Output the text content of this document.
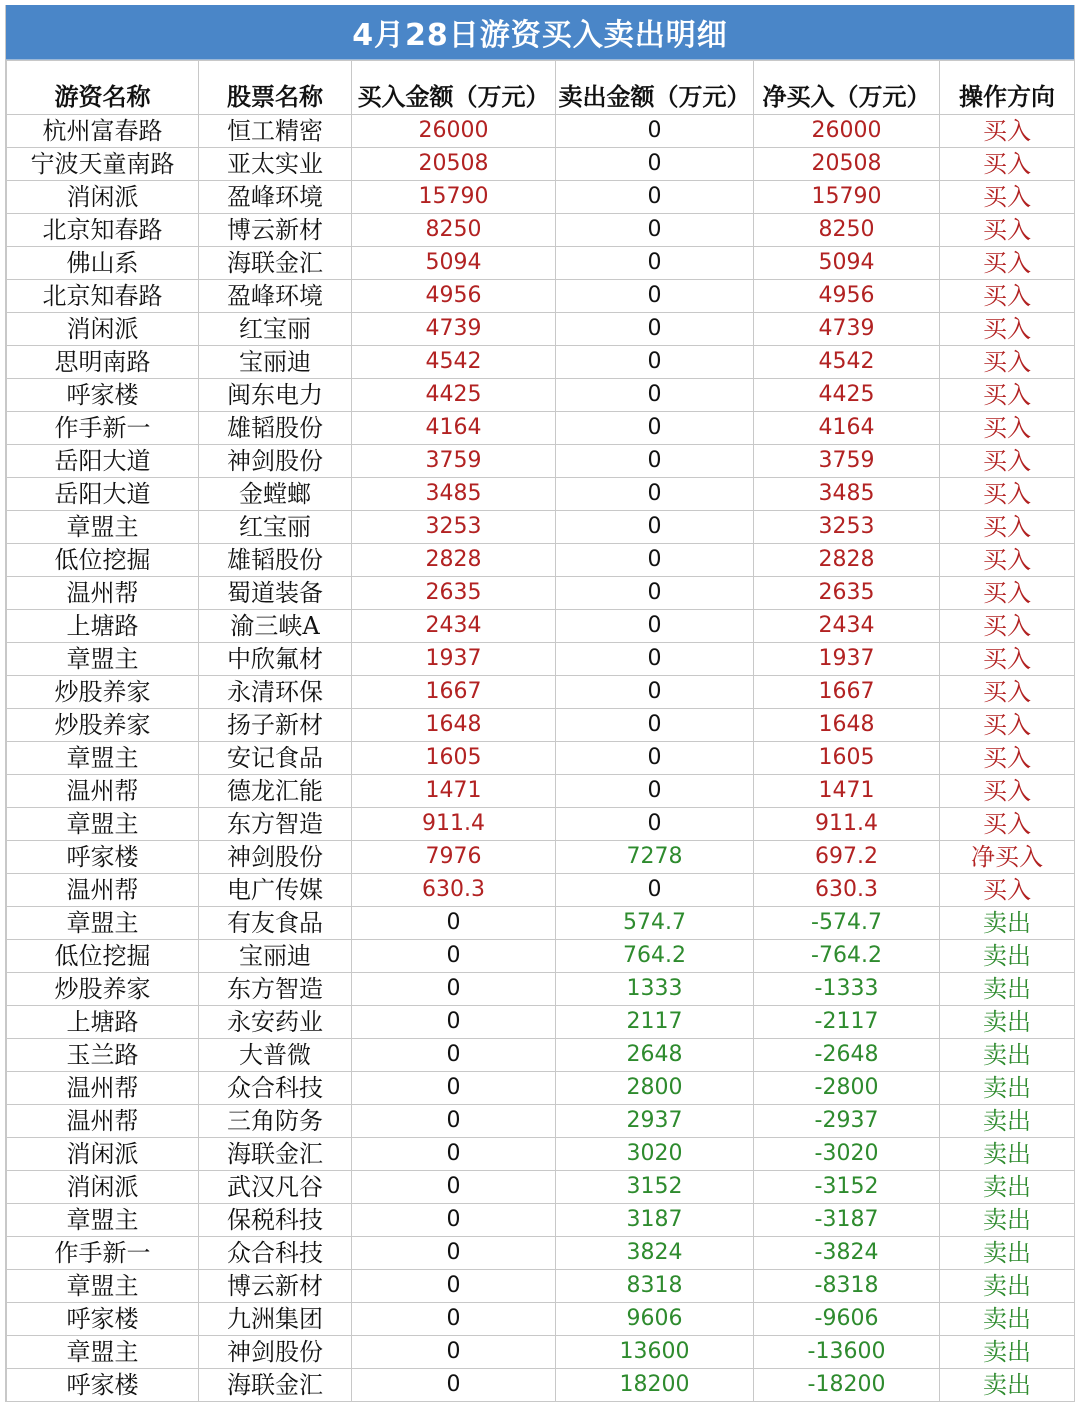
4月28日游资买入卖出明细
游资名称	股票名称	买入金额（万元）	卖出金额（万元）	净买入（万元）	操作方向
杭州富春路	恒工精密	26000	0	26000	买入
宁波天童南路	亚太实业	20508	0	20508	买入
消闲派	盈峰环境	15790	0	15790	买入
北京知春路	博云新材	8250	0	8250	买入
佛山系	海联金汇	5094	0	5094	买入
北京知春路	盈峰环境	4956	0	4956	买入
消闲派	红宝丽	4739	0	4739	买入
思明南路	宝丽迪	4542	0	4542	买入
呼家楼	闽东电力	4425	0	4425	买入
作手新一	雄韬股份	4164	0	4164	买入
岳阳大道	神剑股份	3759	0	3759	买入
岳阳大道	金螳螂	3485	0	3485	买入
章盟主	红宝丽	3253	0	3253	买入
低位挖掘	雄韬股份	2828	0	2828	买入
温州帮	蜀道装备	2635	0	2635	买入
上塘路	渝三峡A	2434	0	2434	买入
章盟主	中欣氟材	1937	0	1937	买入
炒股养家	永清环保	1667	0	1667	买入
炒股养家	扬子新材	1648	0	1648	买入
章盟主	安记食品	1605	0	1605	买入
温州帮	德龙汇能	1471	0	1471	买入
章盟主	东方智造	911.4	0	911.4	买入
呼家楼	神剑股份	7976	7278	697.2	净买入
温州帮	电广传媒	630.3	0	630.3	买入
章盟主	有友食品	0	574.7	-574.7	卖出
低位挖掘	宝丽迪	0	764.2	-764.2	卖出
炒股养家	东方智造	0	1333	-1333	卖出
上塘路	永安药业	0	2117	-2117	卖出
玉兰路	大普微	0	2648	-2648	卖出
温州帮	众合科技	0	2800	-2800	卖出
温州帮	三角防务	0	2937	-2937	卖出
消闲派	海联金汇	0	3020	-3020	卖出
消闲派	武汉凡谷	0	3152	-3152	卖出
章盟主	保税科技	0	3187	-3187	卖出
作手新一	众合科技	0	3824	-3824	卖出
章盟主	博云新材	0	8318	-8318	卖出
呼家楼	九洲集团	0	9606	-9606	卖出
章盟主	神剑股份	0	13600	-13600	卖出
呼家楼	海联金汇	0	18200	-18200	卖出
